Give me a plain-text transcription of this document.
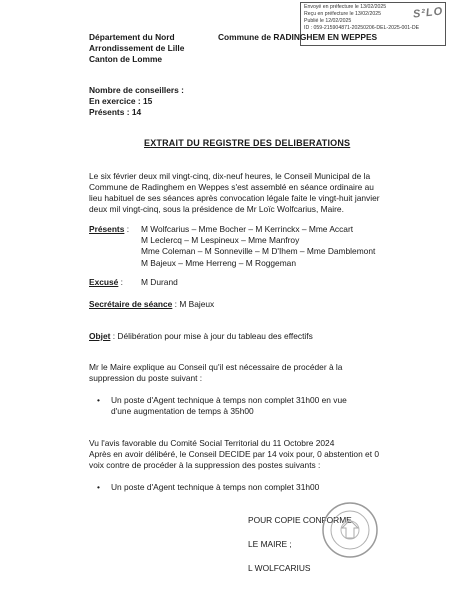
Envoyé en préfecture le 13/02/2025
Reçu en préfecture le 13/02/2025
Publié le 12/02/2025
ID : 059-215904871-20250206-DEL-2025-001-DE
S²LO
Département du Nord
Arrondissement de Lille
Canton de Lomme
Commune de RADINGHEM EN WEPPES
Nombre de conseillers :
En exercice : 15
Présents : 14
EXTRAIT DU REGISTRE DES DELIBERATIONS
Le six février deux mil vingt-cinq, dix-neuf heures, le Conseil Municipal de la Commune de Radinghem en Weppes s'est assemblé en séance ordinaire au lieu habituel de ses séances après convocation légale faite le vingt-huit janvier deux mil vingt-cinq, sous la présidence de Mr Loïc Wolfcarius, Maire.
Présents : M Wolfcarius – Mme Bocher – M Kerrinckx – Mme Accart
M Leclercq – M Lespineux – Mme Manfroy
Mme Coleman – M Sonneville – M D'Ihem – Mme Damblemont
M Bajeux – Mme Herreng – M Roggeman
Excusé : M Durand
Secrétaire de séance : M Bajeux
Objet : Délibération pour mise à jour du tableau des effectifs
Mr le Maire explique au Conseil qu'il est nécessaire de procéder à la suppression du poste suivant :
• Un poste d'Agent technique à temps non complet 31h00 en vue d'une augmentation de temps à 35h00
Vu l'avis favorable du Comité Social Territorial du 11 Octobre 2024
Après en avoir délibéré, le Conseil DECIDE par 14 voix pour, 0 abstention et 0 voix contre de procéder à la suppression des postes suivants :
• Un poste d'Agent technique à temps non complet 31h00
POUR COPIE CONFORME
LE MAIRE ;
L WOLFCARIUS
